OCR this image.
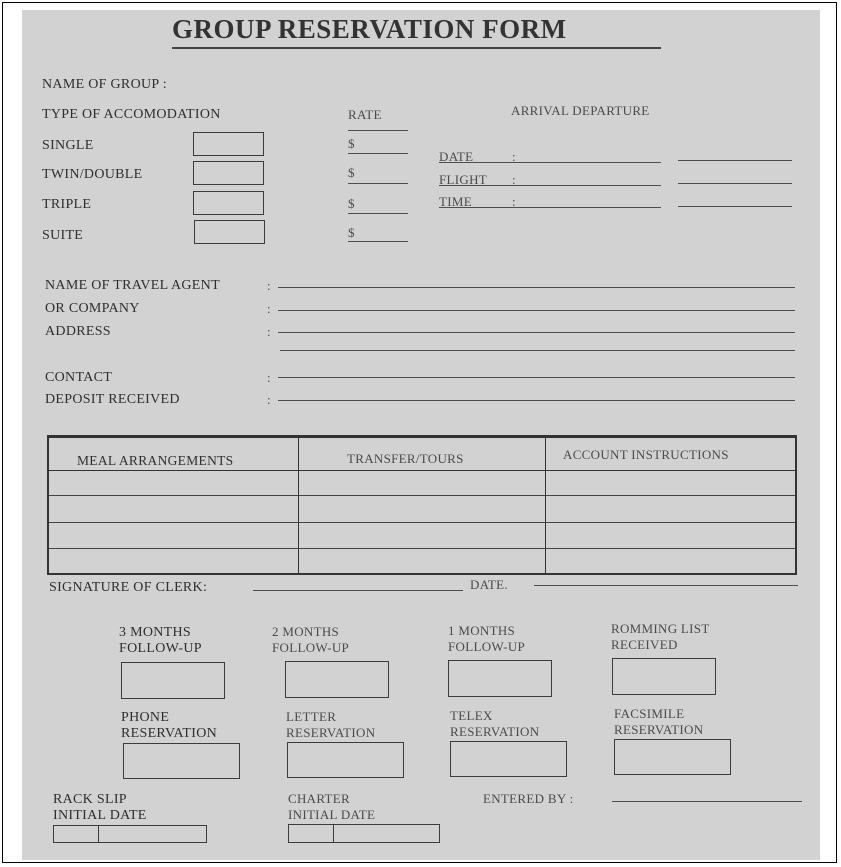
GROUP RESERVATION FORM
NAME OF GROUP :
TYPE OF ACCOMODATION	RATE	ARRIVAL DEPARTURE
SINGLE	$
TWIN/DOUBLE	$
TRIPLE	$
SUITE	$
DATE	:
FLIGHT :
TIME	:
NAME OF TRAVEL AGENT	:
OR COMPANY	:
ADDRESS	:
CONTACT	:
DEPOSIT RECEIVED	:
MEAL ARRANGEMENTS	TRANSFER/TOURS	ACCOUNT INSTRUCTIONS
SIGNATURE OF CLERK:	DATE.
3 MONTHS
FOLLOW-UP
2 MONTHS
FOLLOW-UP
1 MONTHS
FOLLOW-UP
ROMMING LIST
RECEIVED
PHONE
RESERVATION
LETTER
RESERVATION
TELEX
RESERVATION
FACSIMILE
RESERVATION
RACK SLIP
INITIAL DATE
CHARTER
INITIAL DATE
ENTERED BY :
